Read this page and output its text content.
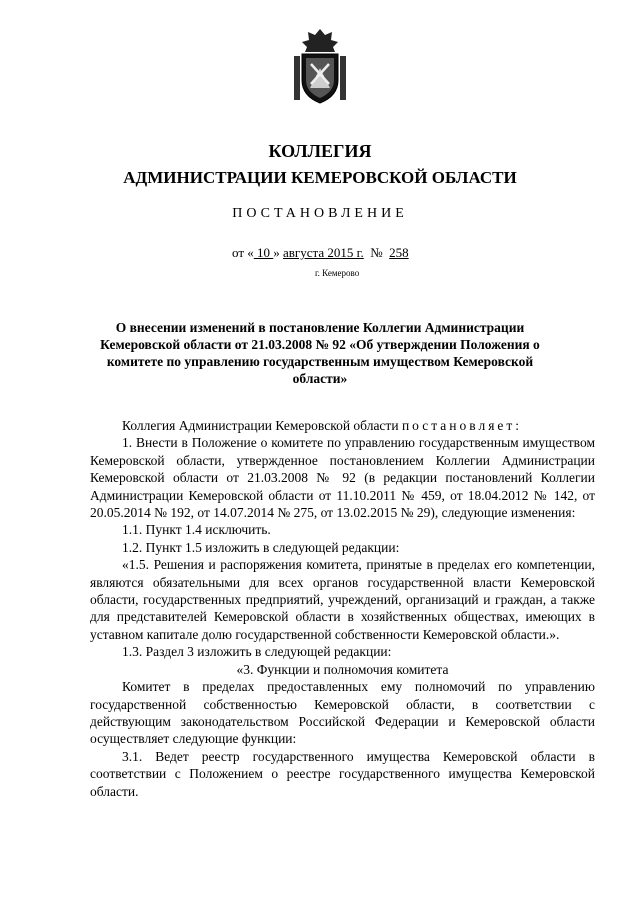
КОЛЛЕГИЯ
АДМИНИСТРАЦИИ КЕМЕРОВСКОЙ ОБЛАСТИ
ПОСТАНОВЛЕНИЕ
от « 10 » августа 2015 г. № 258
г. Кемерово
О внесении изменений в постановление Коллегии Администрации Кемеровской области от 21.03.2008 № 92 «Об утверждении Положения о комитете по управлению государственным имуществом Кемеровской области»

Коллегия Администрации Кемеровской области постановляет:

1. Внести в Положение о комитете по управлению государственным имуществом Кемеровской области, утвержденное постановлением Коллегии Администрации Кемеровской области от 21.03.2008 № 92 (в редакции постановлений Коллегии Администрации Кемеровской области от 11.10.2011 № 459, от 18.04.2012 № 142, от 20.05.2014 № 192, от 14.07.2014 № 275, от 13.02.2015 № 29), следующие изменения:

1.1. Пункт 1.4 исключить.

1.2. Пункт 1.5 изложить в следующей редакции:

«1.5. Решения и распоряжения комитета, принятые в пределах его компетенции, являются обязательными для всех органов государственной власти Кемеровской области, государственных предприятий, учреждений, организаций и граждан, а также для представителей Кемеровской области в хозяйственных обществах, имеющих в уставном капитале долю государственной собственности Кемеровской области.».

1.3. Раздел 3 изложить в следующей редакции:

«3. Функции и полномочия комитета

Комитет в пределах предоставленных ему полномочий по управлению государственной собственностью Кемеровской области, в соответствии с действующим законодательством Российской Федерации и Кемеровской области осуществляет следующие функции:

3.1. Ведет реестр государственного имущества Кемеровской области в соответствии с Положением о реестре государственного имущества Кемеровской области.
